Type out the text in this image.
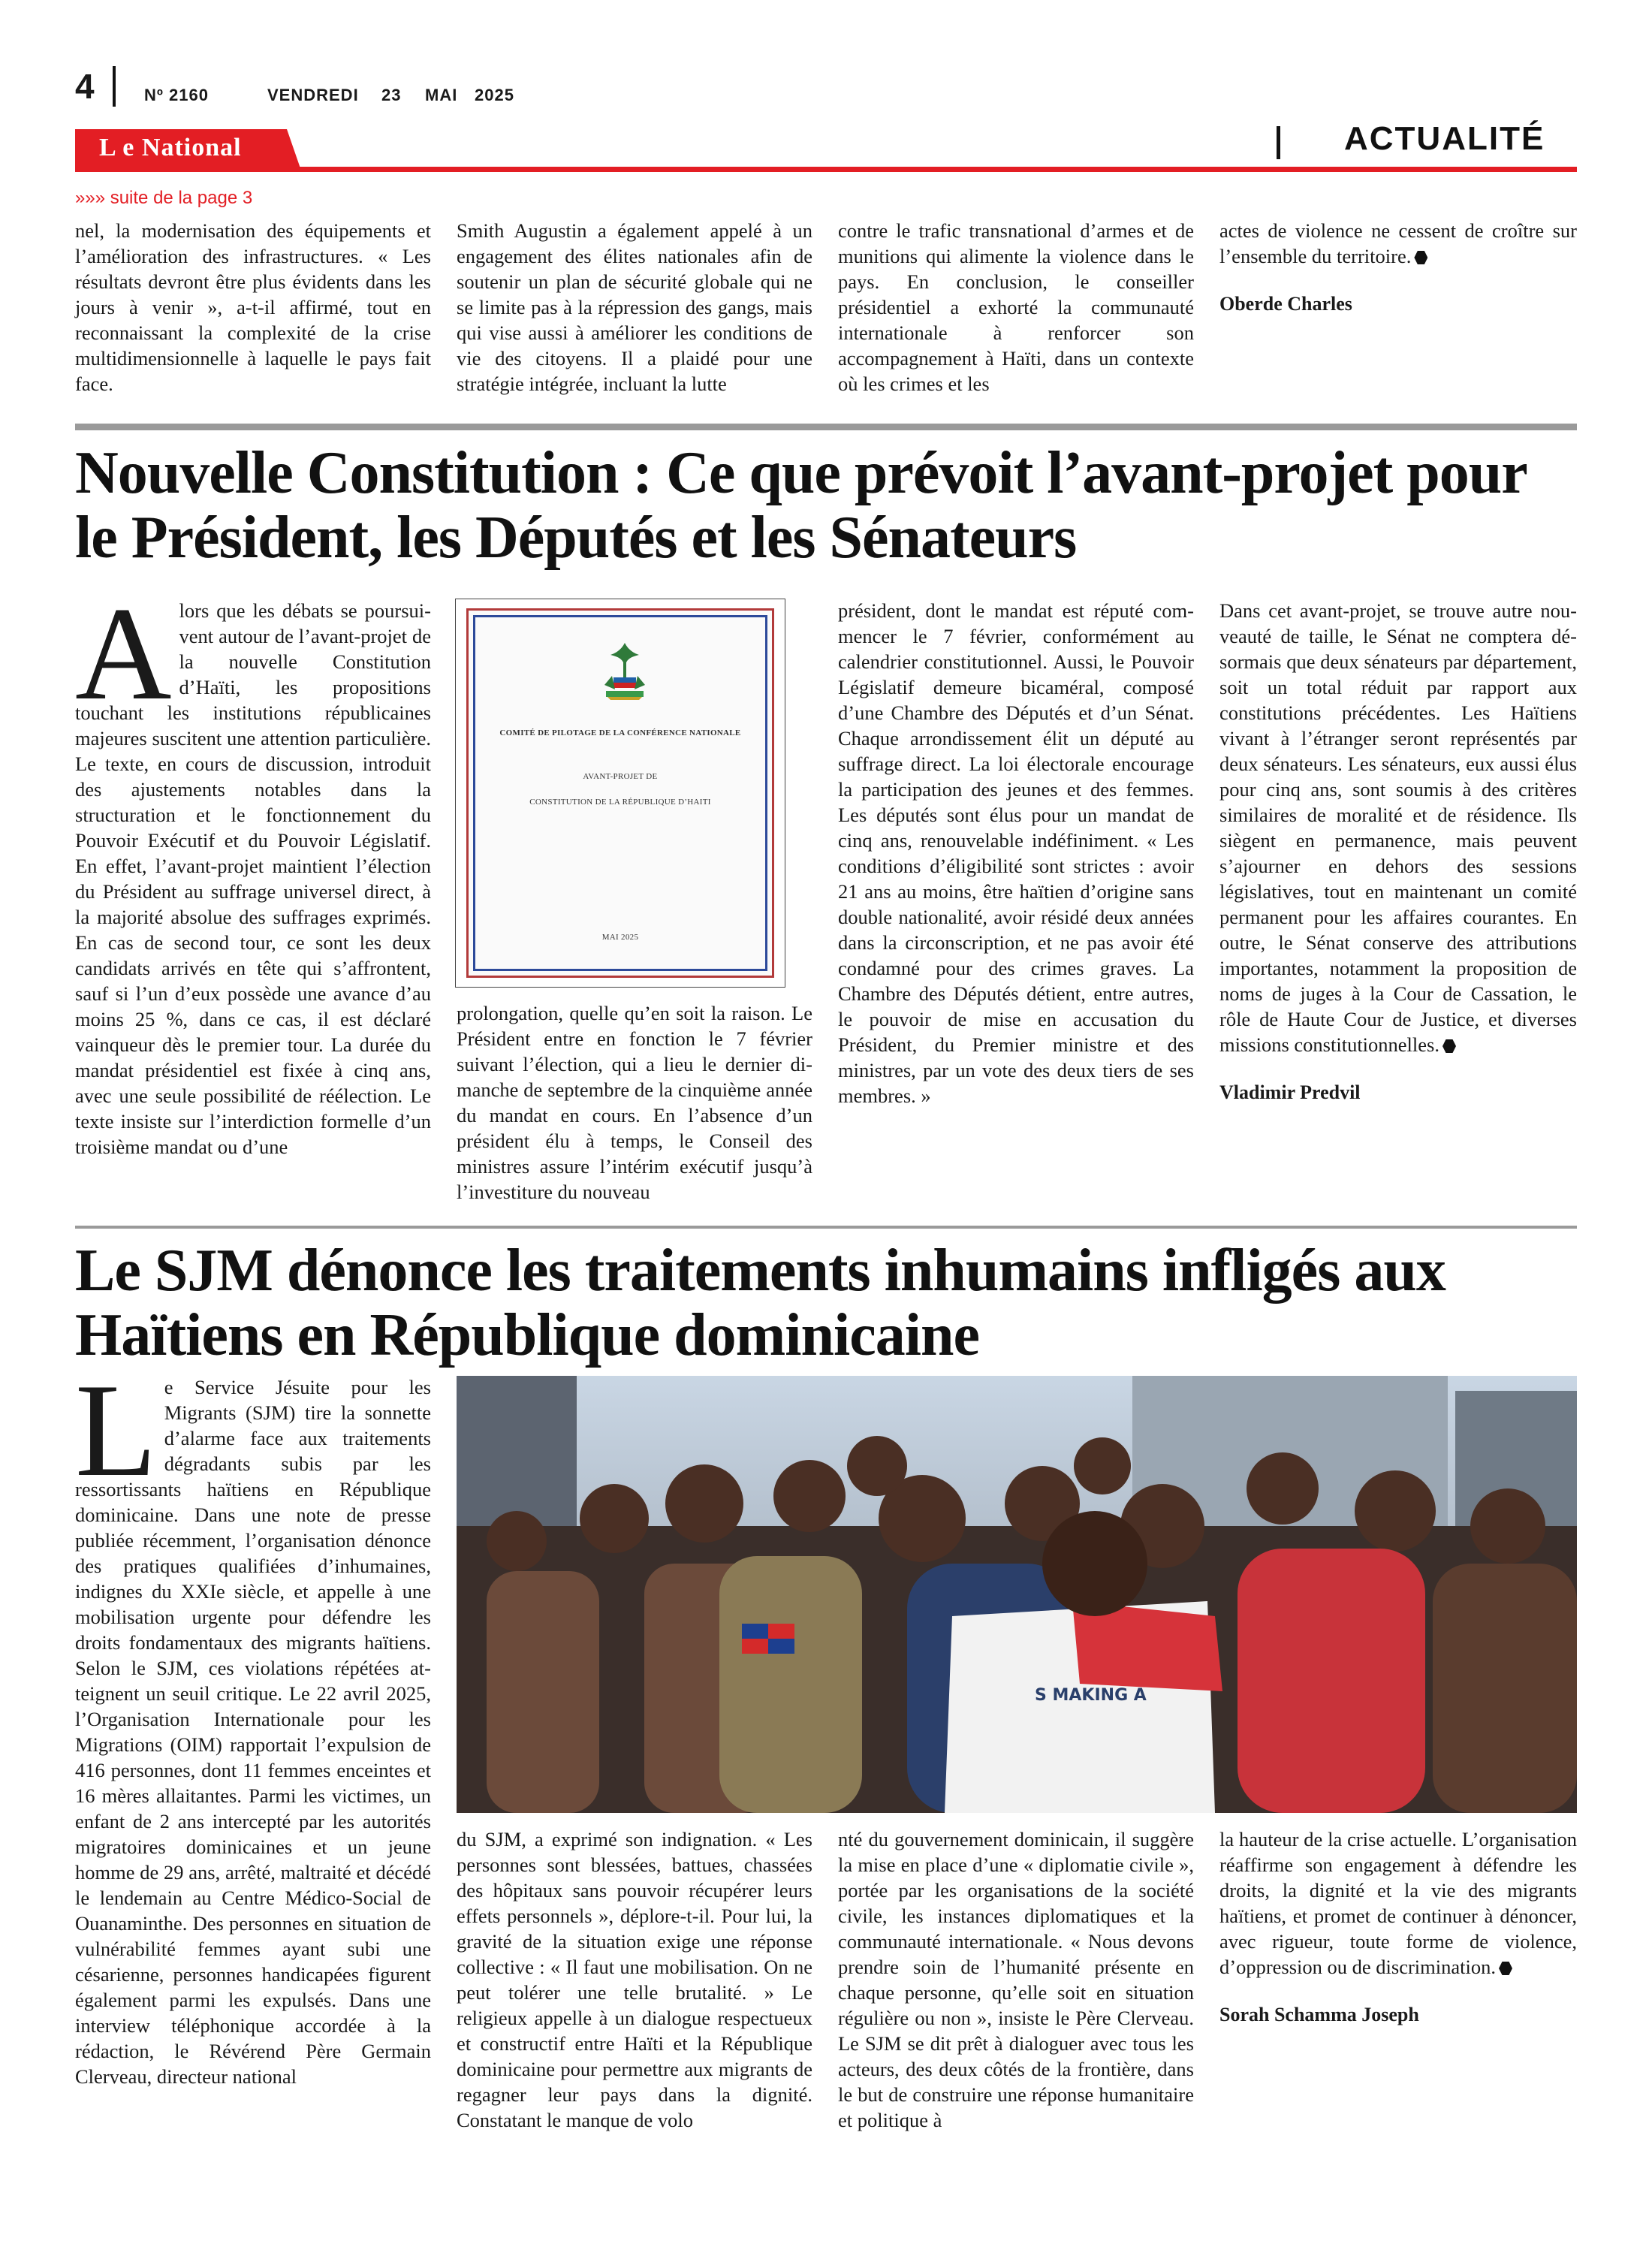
4	Nº 2160	VENDREDI 23 MAI 2025
L e National	ACTUALITÉ
»»» suite de la page 3
nel, la modernisation des équipements et l’amélioration des infrastructures. « Les résultats devront être plus évidents dans les jours à venir », a-t-il affirmé, tout en reconnaissant la complexité de la crise multidimensionnelle à laquelle le pays fait face.
Smith Augustin a également appelé à un engagement des élites nationales afin de soutenir un plan de sécurité globale qui ne se limite pas à la répression des gangs, mais qui vise aussi à améliorer les conditions de vie des citoyens. Il a plaidé pour une stratégie intégrée, incluant la lutte
contre le trafic transnational d’armes et de munitions qui alimente la violence dans le pays. En conclusion, le conseiller présidentiel a exhorté la communauté internationale à renforcer son accompagnement à Haïti, dans un contexte où les crimes et les
actes de violence ne cessent de croître sur l’ensemble du territoire.
Oberde Charles
Nouvelle Constitution : Ce que prévoit l’avant-projet pour
le Président, les Députés et les Sénateurs
Alors que les débats se poursuivent autour de l’avant-projet de la nouvelle Constitution d’Haïti, les propositions touchant les institutions républicaines majeures suscitent une attention particulière. Le texte, en cours de discussion, introduit des ajustements notables dans la structuration et le fonctionnement du Pouvoir Exécutif et du Pouvoir Législatif. En effet, l’avant-projet maintient l’élection du Président au suffrage universel direct, à la majorité absolue des suffrages exprimés. En cas de second tour, ce sont les deux candidats arrivés en tête qui s’affrontent, sauf si l’un d’eux possède une avance d’au moins 25 %, dans ce cas, il est déclaré vainqueur dès le premier tour. La durée du mandat présidentiel est fixée à cinq ans, avec une seule possibilité de réélection. Le texte insiste sur l’interdiction formelle d’un troisième mandat ou d’une
COMITÉ DE PILOTAGE DE LA CONFÉRENCE NATIONALE
AVANT-PROJET DE
CONSTITUTION DE LA RÉPUBLIQUE D’HAITI
MAI 2025
prolongation, quelle qu’en soit la raison. Le Président entre en fonction le 7 février suivant l’élection, qui a lieu le dernier dimanche de septembre de la cinquième année du mandat en cours. En l’absence d’un président élu à temps, le Conseil des ministres assure l’intérim exécutif jusqu’à l’investiture du nouveau
président, dont le mandat est réputé commencer le 7 février, conformément au calendrier constitutionnel. Aussi, le Pouvoir Législatif demeure bicaméral, composé d’une Chambre des Députés et d’un Sénat. Chaque arrondissement élit un député au suffrage direct. La loi électorale encourage la participation des jeunes et des femmes. Les députés sont élus pour un mandat de cinq ans, renouvelable indéfiniment. « Les conditions d’éligibilité sont strictes : avoir 21 ans au moins, être haïtien d’origine sans double nationalité, avoir résidé deux années dans la circonscription, et ne pas avoir été condamné pour des crimes graves. La Chambre des Députés détient, entre autres, le pouvoir de mise en accusation du Président, du Premier ministre et des ministres, par un vote des deux tiers de ses membres. »
Dans cet avant-projet, se trouve autre nouveauté de taille, le Sénat ne comptera désormais que deux sénateurs par département, soit un total réduit par rapport aux constitutions précédentes. Les Haïtiens vivant à l’étranger seront représentés par deux sénateurs. Les sénateurs, eux aussi élus pour cinq ans, sont soumis à des critères similaires de moralité et de résidence. Ils siègent en permanence, mais peuvent s’ajourner en dehors des sessions législatives, tout en maintenant un comité permanent pour les affaires courantes. En outre, le Sénat conserve des attributions importantes, notamment la proposition de noms de juges à la Cour de Cassation, le rôle de Haute Cour de Justice, et diverses missions constitutionnelles.
Vladimir Predvil
Le SJM dénonce les traitements inhumains infligés aux
Haïtiens en République dominicaine
Le Service Jésuite pour les Migrants (SJM) tire la sonnette d’alarme face aux traitements dégradants subis par les ressortissants haïtiens en République dominicaine. Dans une note de presse publiée récemment, l’organisation dénonce des pratiques qualifiées d’inhumaines, indignes du XXIe siècle, et appelle à une mobilisation urgente pour défendre les droits fondamentaux des migrants haïtiens. Selon le SJM, ces violations répétées atteignent un seuil critique. Le 22 avril 2025, l’Organisation Internationale pour les Migrations (OIM) rapportait l’expulsion de 416 personnes, dont 11 femmes enceintes et 16 mères allaitantes. Parmi les victimes, un enfant de 2 ans intercepté par les autorités migratoires dominicaines et un jeune homme de 29 ans, arrêté, maltraité et décédé le lendemain au Centre Médico-Social de Ouanaminthe. Des personnes en situation de vulnérabilité femmes ayant subi une césarienne, personnes handicapées figurent également parmi les expulsés. Dans une interview téléphonique accordée à la rédaction, le Révérend Père Germain Clerveau, directeur national
S MAKING A
du SJM, a exprimé son indignation. « Les personnes sont blessées, battues, chassées des hôpitaux sans pouvoir récupérer leurs effets personnels », déplore-t-il. Pour lui, la gravité de la situation exige une réponse collective : « Il faut une mobilisation. On ne peut tolérer une telle brutalité. » Le religieux appelle à un dialogue respectueux et constructif entre Haïti et la République dominicaine pour permettre aux migrants de regagner leur pays dans la dignité. Constatant le manque de volo
nté du gouvernement dominicain, il suggère la mise en place d’une « diplomatie civile », portée par les organisations de la société civile, les instances diplomatiques et la communauté internationale. « Nous devons prendre soin de l’humanité présente en chaque personne, qu’elle soit en situation régulière ou non », insiste le Père Clerveau. Le SJM se dit prêt à dialoguer avec tous les acteurs, des deux côtés de la frontière, dans le but de construire une réponse humanitaire et politique à
la hauteur de la crise actuelle. L’organisation réaffirme son engagement à défendre les droits, la dignité et la vie des migrants haïtiens, et promet de continuer à dénoncer, avec rigueur, toute forme de violence, d’oppression ou de discrimination.
Sorah Schamma Joseph
